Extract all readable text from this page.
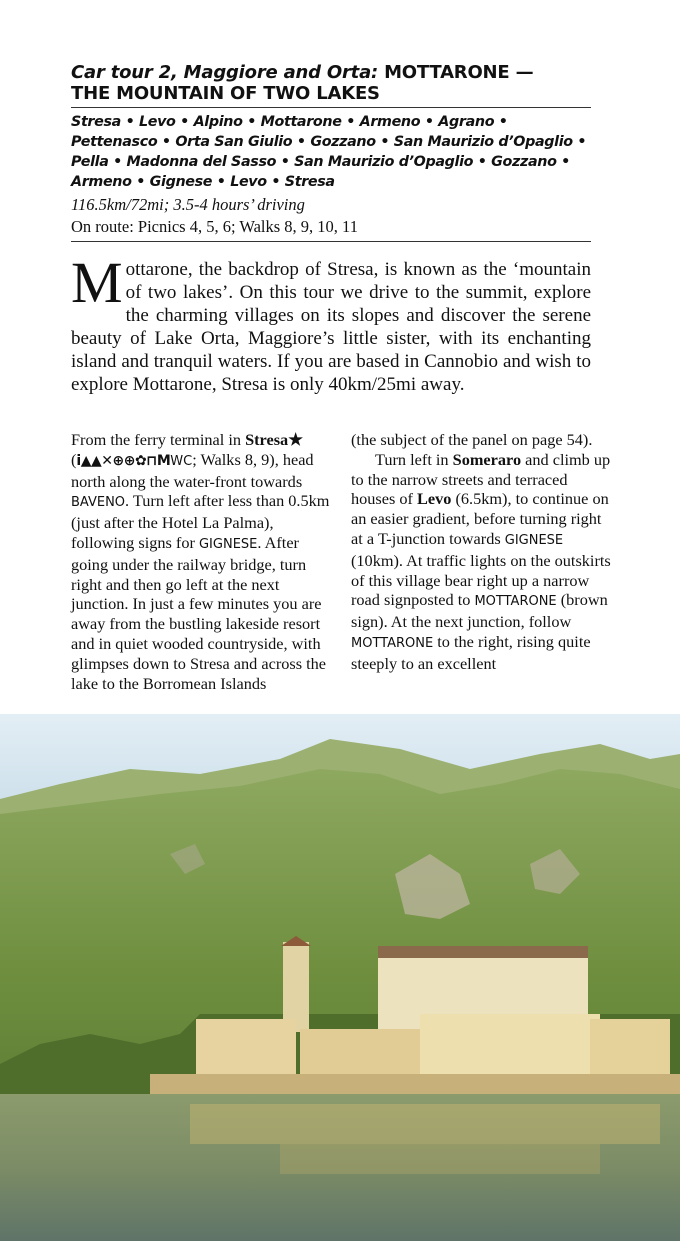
Car tour 2, Maggiore and Orta: MOTTARONE —
THE MOUNTAIN OF TWO LAKES
Stresa • Levo • Alpino • Mottarone • Armeno • Agrano • Pettenasco • Orta San Giulio • Gozzano • San Maurizio d’Opaglio • Pella • Madonna del Sasso • San Maurizio d’Opaglio • Gozzano • Armeno • Gignese • Levo • Stresa
116.5km/72mi; 3.5-4 hours’ driving
On route: Picnics 4, 5, 6; Walks 8, 9, 10, 11

Mottarone, the backdrop of Stresa, is known as the ‘mountain of two lakes’. On this tour we drive to the summit, explore the charming villages on its slopes and discover the serene beauty of Lake Orta, Maggiore’s little sister, with its enchanting island and tranquil waters. If you are based in Cannobio and wish to explore Mottarone, Stresa is only 40km/25mi away.

From the ferry terminal in Stresa★
(i▲▲✕⊕⊕✿⊓MWC; Walks 8, 9), head north along the water-front towards BAVENO. Turn left after less than 0.5km (just after the Hotel La Palma), following signs for GIGNESE. After going under the railway bridge, turn right and then go left at the next junction. In just a few minutes you are away from the bustling lakeside resort and in quiet wooded countryside, with glimpses down to Stresa and across the lake to the Borromean Islands

(the subject of the panel on page 54).

Turn left in Someraro and climb up to the narrow streets and terraced houses of Levo (6.5km), to continue on an easier gradient, before turning right at a T-junction towards GIGNESE (10km). At traffic lights on the outskirts of this village bear right up a narrow road signposted to MOTTARONE (brown sign). At the next junction, follow MOTTARONE to the right, rising quite steeply to an excellent
